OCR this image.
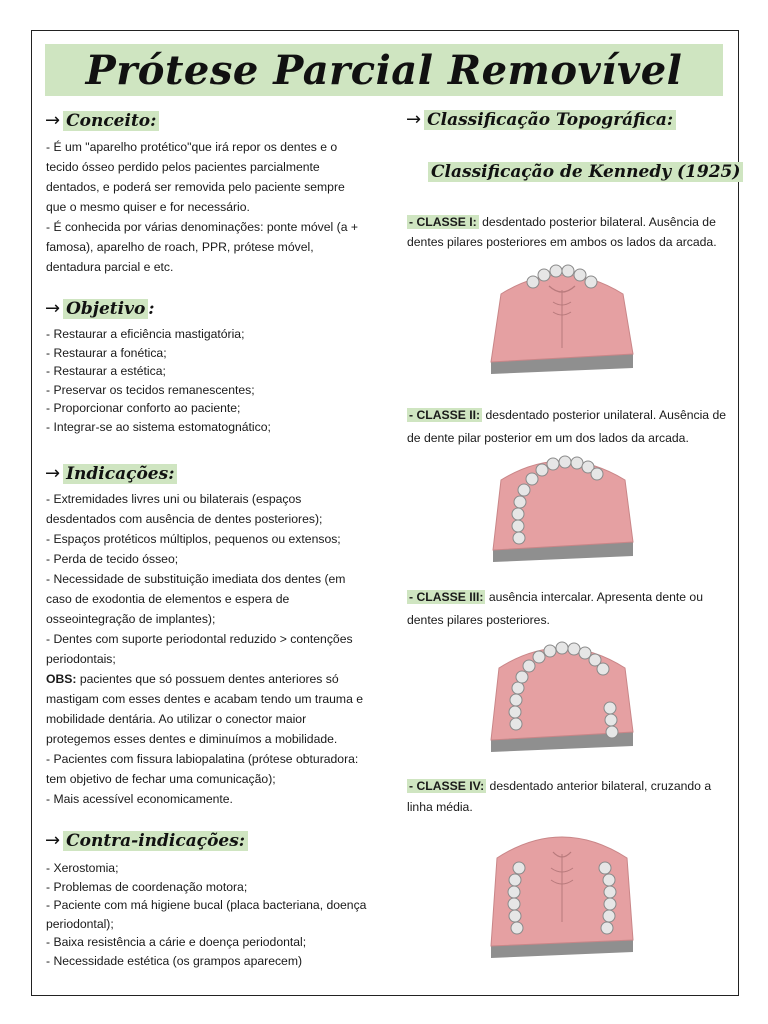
Prótese Parcial Removível
→ Conceito:
- É um "aparelho protético"que irá repor os dentes e o
tecido ósseo perdido pelos pacientes parcialmente
dentados, e poderá ser removida pelo paciente sempre
que o mesmo quiser e for necessário.
- É conhecida por várias denominações: ponte móvel (a +
famosa), aparelho de roach, PPR, prótese móvel,
dentadura parcial e etc.
→ Objetivo :
- Restaurar a eficiência mastigatória;
- Restaurar a fonética;
- Restaurar a estética;
- Preservar os tecidos remanescentes;
- Proporcionar conforto ao paciente;
- Integrar-se ao sistema estomatognático;
→ Indicações:
- Extremidades livres uni ou bilaterais (espaços
desdentados com ausência de dentes posteriores);
- Espaços protéticos múltiplos, pequenos ou extensos;
- Perda de tecido ósseo;
- Necessidade de substituição imediata dos dentes (em
caso de exodontia de elementos e espera de
osseointegração de implantes);
- Dentes com suporte periodontal reduzido > contenções
periodontais;
OBS: pacientes que só possuem dentes anteriores só
mastigam com esses dentes e acabam tendo um trauma e
mobilidade dentária. Ao utilizar o conector maior
protegemos esses dentes e diminuímos a mobilidade.
- Pacientes com fissura labiopalatina (prótese obturadora:
tem objetivo de fechar uma comunicação);
- Mais acessível economicamente.
→ Contra-indicações:
- Xerostomia;
- Problemas de coordenação motora;
- Paciente com má higiene bucal (placa bacteriana, doença
periodontal);
- Baixa resistência a cárie e doença periodontal;
- Necessidade estética (os grampos aparecem)
→ Classificação Topográfica:
Classificação de Kennedy (1925)
- CLASSE I: desdentado posterior bilateral. Ausência de
dentes pilares posteriores em ambos os lados da arcada.
- CLASSE II: desdentado posterior unilateral. Ausência de
de dente pilar posterior em um dos lados da arcada.
- CLASSE III: ausência intercalar. Apresenta dente ou
dentes pilares posteriores.
- CLASSE IV: desdentado anterior bilateral, cruzando a
linha média.
